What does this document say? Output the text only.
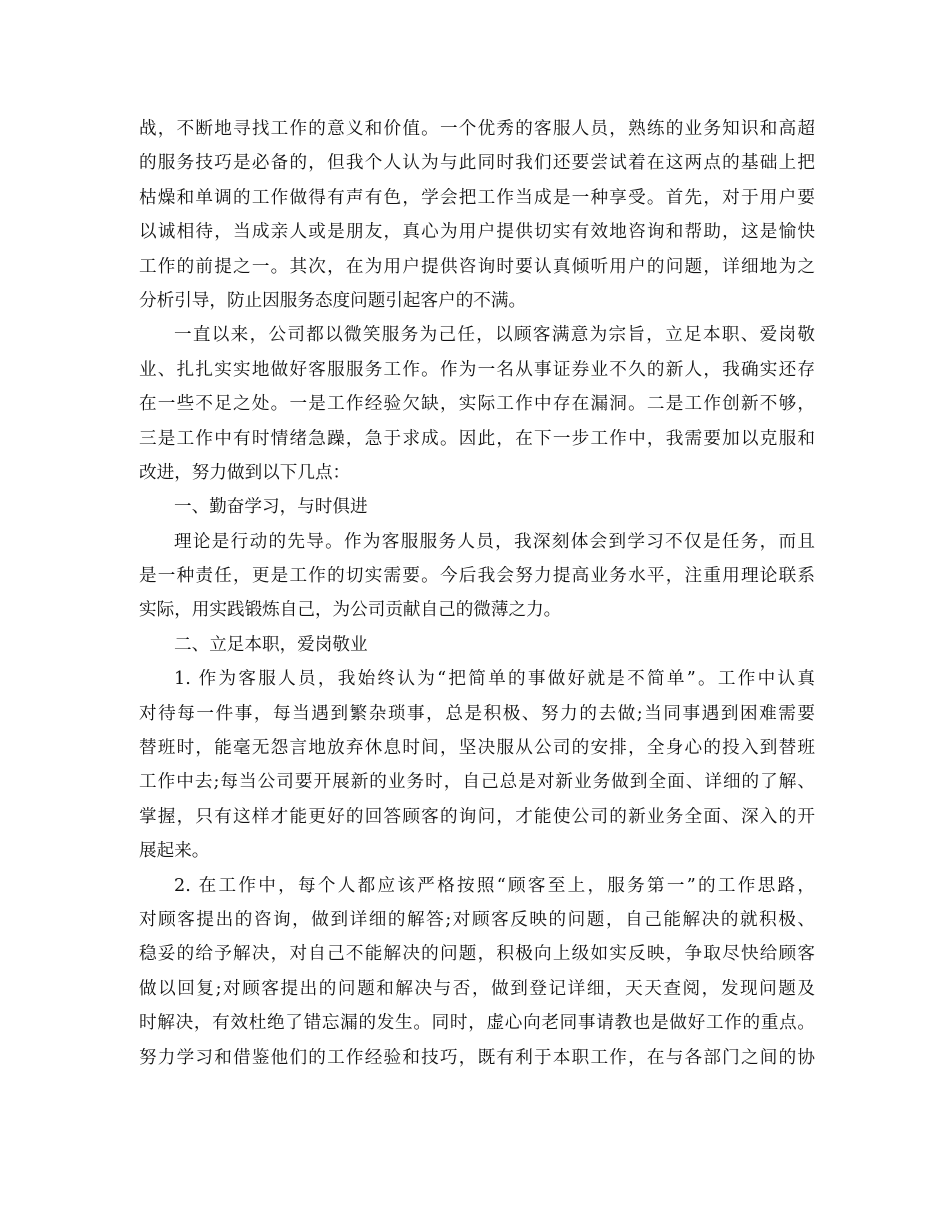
战，不断地寻找工作的意义和价值。一个优秀的客服人员，熟练的业务知识和高超
的服务技巧是必备的，但我个人认为与此同时我们还要尝试着在这两点的基础上把
枯燥和单调的工作做得有声有色，学会把工作当成是一种享受。首先，对于用户要
以诚相待，当成亲人或是朋友，真心为用户提供切实有效地咨询和帮助，这是愉快
工作的前提之一。其次，在为用户提供咨询时要认真倾听用户的问题，详细地为之
分析引导，防止因服务态度问题引起客户的不满。
一直以来，公司都以微笑服务为己任，以顾客满意为宗旨，立足本职、爱岗敬
业、扎扎实实地做好客服服务工作。作为一名从事证券业不久的新人，我确实还存
在一些不足之处。一是工作经验欠缺，实际工作中存在漏洞。二是工作创新不够，
三是工作中有时情绪急躁，急于求成。因此，在下一步工作中，我需要加以克服和
改进，努力做到以下几点：
一、勤奋学习，与时俱进
理论是行动的先导。作为客服服务人员，我深刻体会到学习不仅是任务，而且
是一种责任，更是工作的切实需要。今后我会努力提高业务水平，注重用理论联系
实际，用实践锻炼自己，为公司贡献自己的微薄之力。
二、立足本职，爱岗敬业
1. 作为客服人员，我始终认为“把简单的事做好就是不简单”。工作中认真
对待每一件事，每当遇到繁杂琐事，总是积极、努力的去做;当同事遇到困难需要
替班时，能毫无怨言地放弃休息时间，坚决服从公司的安排，全身心的投入到替班
工作中去;每当公司要开展新的业务时，自己总是对新业务做到全面、详细的了解、
掌握，只有这样才能更好的回答顾客的询问，才能使公司的新业务全面、深入的开
展起来。
2. 在工作中，每个人都应该严格按照“顾客至上，服务第一”的工作思路，
对顾客提出的咨询，做到详细的解答;对顾客反映的问题，自己能解决的就积极、
稳妥的给予解决，对自己不能解决的问题，积极向上级如实反映，争取尽快给顾客
做以回复;对顾客提出的问题和解决与否，做到登记详细，天天查阅，发现问题及
时解决，有效杜绝了错忘漏的发生。同时，虚心向老同事请教也是做好工作的重点。
努力学习和借鉴他们的工作经验和技巧，既有利于本职工作，在与各部门之间的协
